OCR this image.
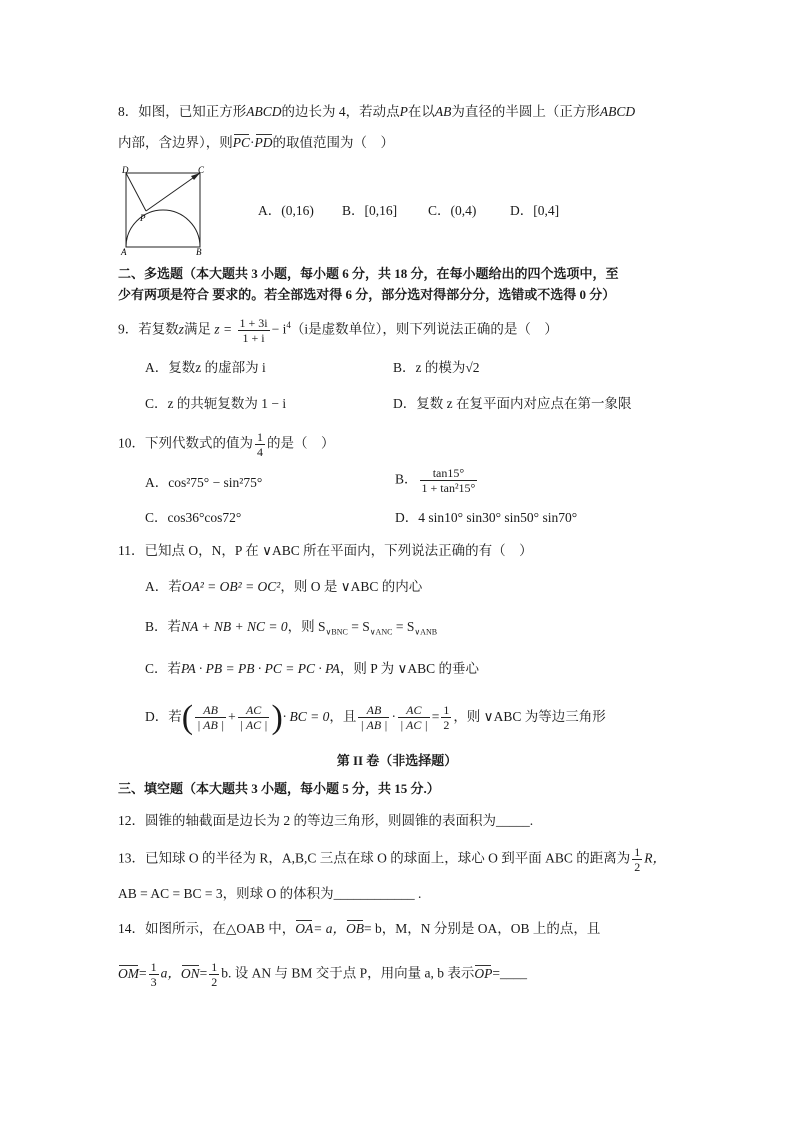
8．如图，已知正方形ABCD的边长为 4，若动点P在以AB为直径的半圆上（正方形ABCD
内部，含边界），则PC·PD的取值范围为（　）
D	C
P
A	B
A．(0,16) B．[0,16] C．(0,4) D．[0,4]
二、多选题（本大题共 3 小题，每小题 6 分，共 18 分，在每小题给出的四个选项中，至
少有两项是符合 要求的。若全部选对得 6 分，部分选对得部分分，选错或不选得 0 分）
9．若复数z满足 $z = \frac{1 + 3i}{1 + i} - i^4(i$是虚数单位），则下列说法正确的是（　）
A．复数z 的虚部为 i	B．z 的模为√2
C．z 的共轭复数为 1 − i	D．复数 z 在复平面内对应点在第一象限
10．下列代数式的值为 $\frac{1}{4}$ 的是（　）
A．cos²75° − sin²75°	B． $\frac{\tan 15^\circ}{\text{1 + tan²15°}}$
C．cos36°cos72°	D．4 sin10° sin30° sin50° sin70°
11．已知点 O，N，P 在 ∨ABC 所在平面内，下列说法正确的有（　）
A．若OA² = OB² = OC²，则 O 是 ∨ABC 的内心
B．若NA + NB + NC = 0，则 $S_{\vee BNC} = S_{\vee ANC} = S_{\vee ANB}$
C．若PA · PB = PB · PC = PC · PA，则 P 为 ∨ABC 的垂心
D．若( $\frac{AB}{| AB |} + \frac{AC}{| AC |}$ )· BC = 0，且 $\frac{AB}{| AB |} \cdot \frac{AC}{| AC |} = \frac{1}{2}$ ，则 ∨ABC 为等边三角形
第 II 卷（非选择题）
三、填空题（本大题共 3 小题，每小题 5 分，共 15 分.）
12．圆锥的轴截面是边长为 2 的等边三角形，则圆锥的表面积为_____.
13．已知球 O 的半径为 R，A,B,C 三点在球 O 的球面上，球心 O 到平面 ABC 的距离为 $\frac{1}{2}$ R，
AB = AC = BC = 3，则球 O 的体积为____________ .
14．如图所示，在△OAB 中，OA= a，OB= b，M，N 分别是 OA，OB 上的点，且
$OM= \frac{1}{3}$ a，$ON= \frac{1}{2} b$. 设 AN 与 BM 交于点 P，用向量 a, b 表示OP=____
